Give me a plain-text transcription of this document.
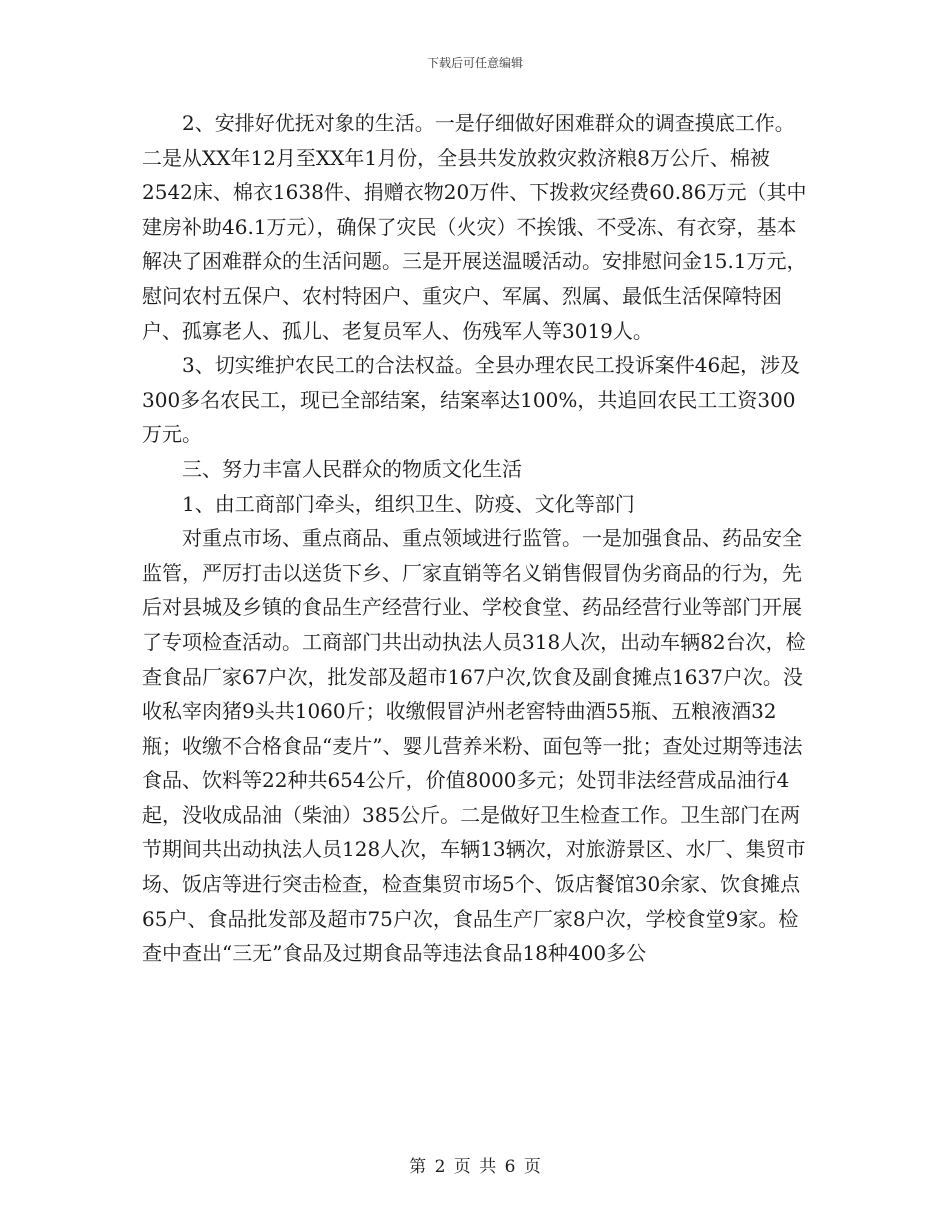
下载后可任意编辑

2、安排好优抚对象的生活。一是仔细做好困难群众的调查摸底工作。二是从XX年12月至XX年1月份，全县共发放救灾救济粮8万公斤、棉被2542床、棉衣1638件、捐赠衣物20万件、下拨救灾经费60.86万元（其中建房补助46.1万元），确保了灾民（火灾）不挨饿、不受冻、有衣穿，基本解决了困难群众的生活问题。三是开展送温暖活动。安排慰问金15.1万元，慰问农村五保户、农村特困户、重灾户、军属、烈属、最低生活保障特困户、孤寡老人、孤儿、老复员军人、伤残军人等3019人。

3、切实维护农民工的合法权益。全县办理农民工投诉案件46起，涉及300多名农民工，现已全部结案，结案率达100%，共追回农民工工资300万元。

三、努力丰富人民群众的物质文化生活

1、由工商部门牵头，组织卫生、防疫、文化等部门

对重点市场、重点商品、重点领域进行监管。一是加强食品、药品安全监管，严厉打击以送货下乡、厂家直销等名义销售假冒伪劣商品的行为，先后对县城及乡镇的食品生产经营行业、学校食堂、药品经营行业等部门开展了专项检查活动。工商部门共出动执法人员318人次，出动车辆82台次，检查食品厂家67户次，批发部及超市167户次,饮食及副食摊点1637户次。没收私宰肉猪9头共1060斤；收缴假冒泸州老窖特曲酒55瓶、五粮液酒32瓶；收缴不合格食品“麦片”、婴儿营养米粉、面包等一批；查处过期等违法食品、饮料等22种共654公斤，价值8000多元；处罚非法经营成品油行4起，没收成品油（柴油）385公斤。二是做好卫生检查工作。卫生部门在两节期间共出动执法人员128人次，车辆13辆次，对旅游景区、水厂、集贸市场、饭店等进行突击检查，检查集贸市场5个、饭店餐馆30余家、饮食摊点65户、食品批发部及超市75户次，食品生产厂家8户次，学校食堂9家。检查中查出“三无”食品及过期食品等违法食品18种400多公

第 2 页 共 6 页
